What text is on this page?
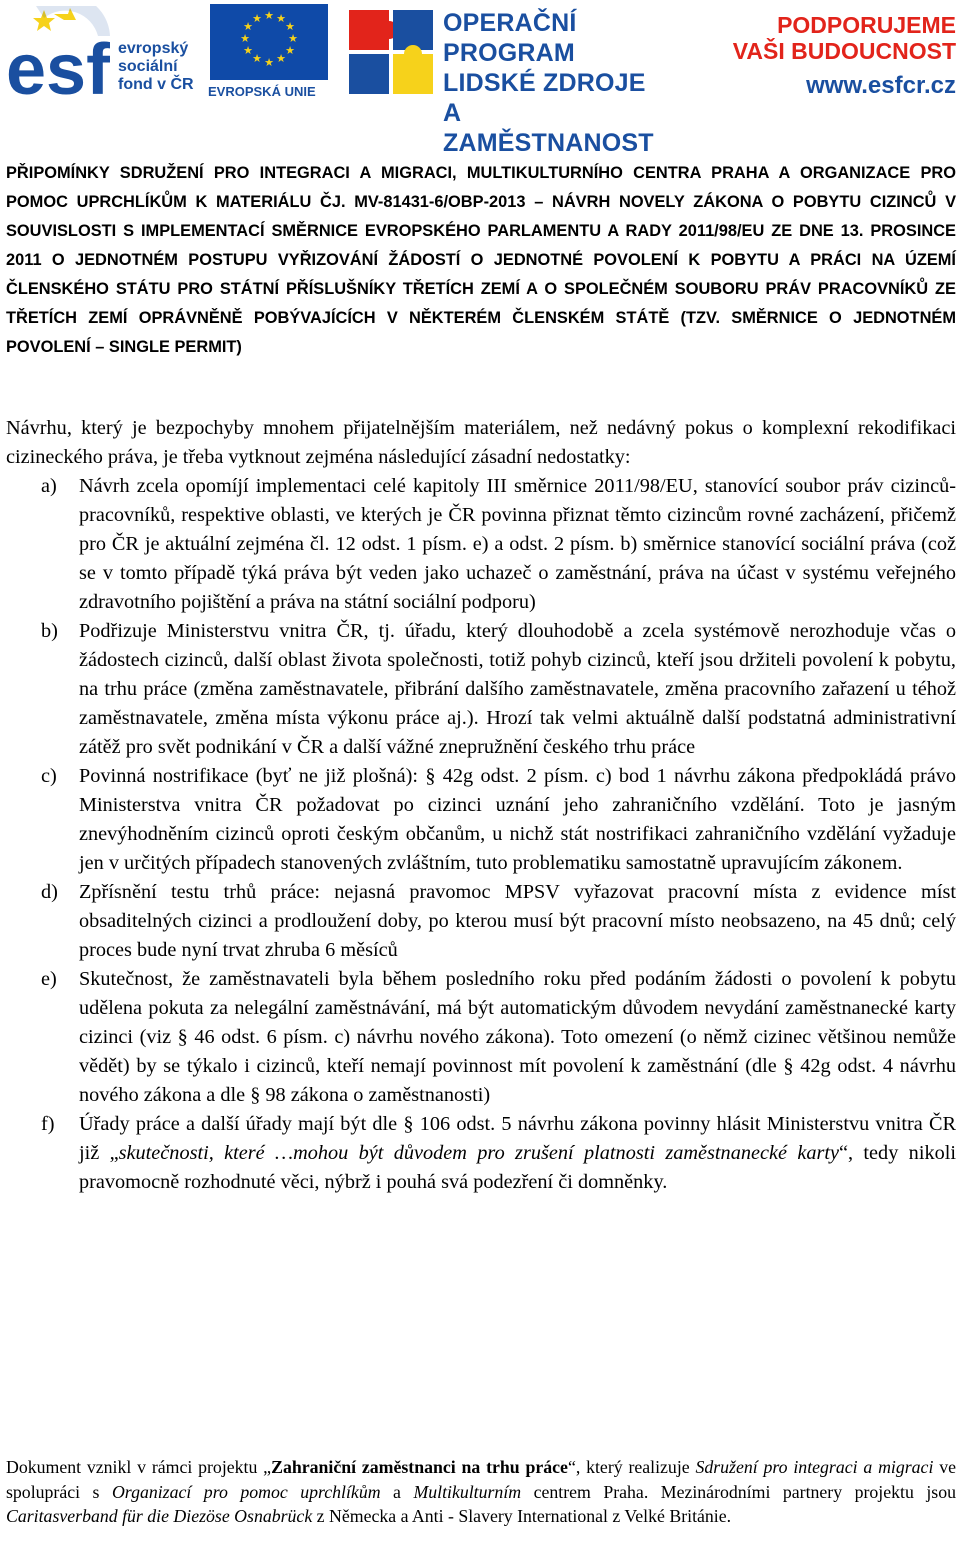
esf evropský
sociální
fond v ČR
★ ★
★
★
★
★
★
★
★
★
★
★
EVROPSKÁ UNIE
OPERAČNÍ PROGRAM
LIDSKÉ ZDROJE
A ZAMĚSTNANOST
PODPORUJEME
VAŠI BUDOUCNOST
www.esfcr.cz

PŘIPOMÍNKY SDRUŽENÍ PRO INTEGRACI A MIGRACI, MULTIKULTURNÍHO CENTRA PRAHA A ORGANIZACE PRO POMOC UPRCHLÍKŮM K MATERIÁLU ČJ. MV-81431-6/OBP-2013 – NÁVRH NOVELY ZÁKONA O POBYTU CIZINCŮ V SOUVISLOSTI S IMPLEMENTACÍ SMĚRNICE EVROPSKÉHO PARLAMENTU A RADY 2011/98/EU ZE DNE 13. PROSINCE 2011 O JEDNOTNÉM POSTUPU VYŘIZOVÁNÍ ŽÁDOSTÍ O JEDNOTNÉ POVOLENÍ K POBYTU A PRÁCI NA ÚZEMÍ ČLENSKÉHO STÁTU PRO STÁTNÍ PŘÍSLUŠNÍKY TŘETÍCH ZEMÍ A O SPOLEČNÉM SOUBORU PRÁV PRACOVNÍKŮ ZE TŘETÍCH ZEMÍ OPRÁVNĚNĚ POBÝVAJÍCÍCH V NĚKTERÉM ČLENSKÉM STÁTĚ (TZV. SMĚRNICE O JEDNOTNÉM POVOLENÍ – SINGLE PERMIT)

Návrhu, který je bezpochyby mnohem přijatelnějším materiálem, než nedávný pokus o komplexní rekodifikaci cizineckého práva, je třeba vytknout zejména následující zásadní nedostatky:

a) Návrh zcela opomíjí implementaci celé kapitoly III směrnice 2011/98/EU, stanovící soubor práv cizinců-pracovníků, respektive oblasti, ve kterých je ČR povinna přiznat těmto cizincům rovné zacházení, přičemž pro ČR je aktuální zejména čl. 12 odst. 1 písm. e) a odst. 2 písm. b) směrnice stanovící sociální práva (což se v tomto případě týká práva být veden jako uchazeč o zaměstnání, práva na účast v systému veřejného zdravotního pojištění a práva na státní sociální podporu)
b) Podřizuje Ministerstvu vnitra ČR, tj. úřadu, který dlouhodobě a zcela systémově nerozhoduje včas o žádostech cizinců, další oblast života společnosti, totiž pohyb cizinců, kteří jsou držiteli povolení k pobytu, na trhu práce (změna zaměstnavatele, přibrání dalšího zaměstnavatele, změna pracovního zařazení u téhož zaměstnavatele, změna místa výkonu práce aj.). Hrozí tak velmi aktuálně další podstatná administrativní zátěž pro svět podnikání v ČR a další vážné znepružnění českého trhu práce
c) Povinná nostrifikace (byť ne již plošná): § 42g odst. 2 písm. c) bod 1 návrhu zákona předpokládá právo Ministerstva vnitra ČR požadovat po cizinci uznání jeho zahraničního vzdělání. Toto je jasným znevýhodněním cizinců oproti českým občanům, u nichž stát nostrifikaci zahraničního vzdělání vyžaduje jen v určitých případech stanovených zvláštním, tuto problematiku samostatně upravujícím zákonem.
d) Zpřísnění testu trhů práce: nejasná pravomoc MPSV vyřazovat pracovní místa z evidence míst obsaditelných cizinci a prodloužení doby, po kterou musí být pracovní místo neobsazeno, na 45 dnů; celý proces bude nyní trvat zhruba 6 měsíců
e) Skutečnost, že zaměstnavateli byla během posledního roku před podáním žádosti o povolení k pobytu udělena pokuta za nelegální zaměstnávání, má být automatickým důvodem nevydání zaměstnanecké karty cizinci (viz § 46 odst. 6 písm. c) návrhu nového zákona). Toto omezení (o němž cizinec většinou nemůže vědět) by se týkalo i cizinců, kteří nemají povinnost mít povolení k zaměstnání (dle § 42g odst. 4 návrhu nového zákona a dle § 98 zákona o zaměstnanosti)
f) Úřady práce a další úřady mají být dle § 106 odst. 5 návrhu zákona povinny hlásit Ministerstvu vnitra ČR již „skutečnosti, které …mohou být důvodem pro zrušení platnosti zaměstnanecké karty“, tedy nikoli pravomocně rozhodnuté věci, nýbrž i pouhá svá podezření či domněnky.

Dokument vznikl v rámci projektu „Zahraniční zaměstnanci na trhu práce“, který realizuje Sdružení pro integraci a migraci ve spolupráci s Organizací pro pomoc uprchlíkům a Multikulturním centrem Praha. Mezinárodními partnery projektu jsou Caritasverband für die Diezöse Osnabrück z Německa a Anti - Slavery International z Velké Británie.
